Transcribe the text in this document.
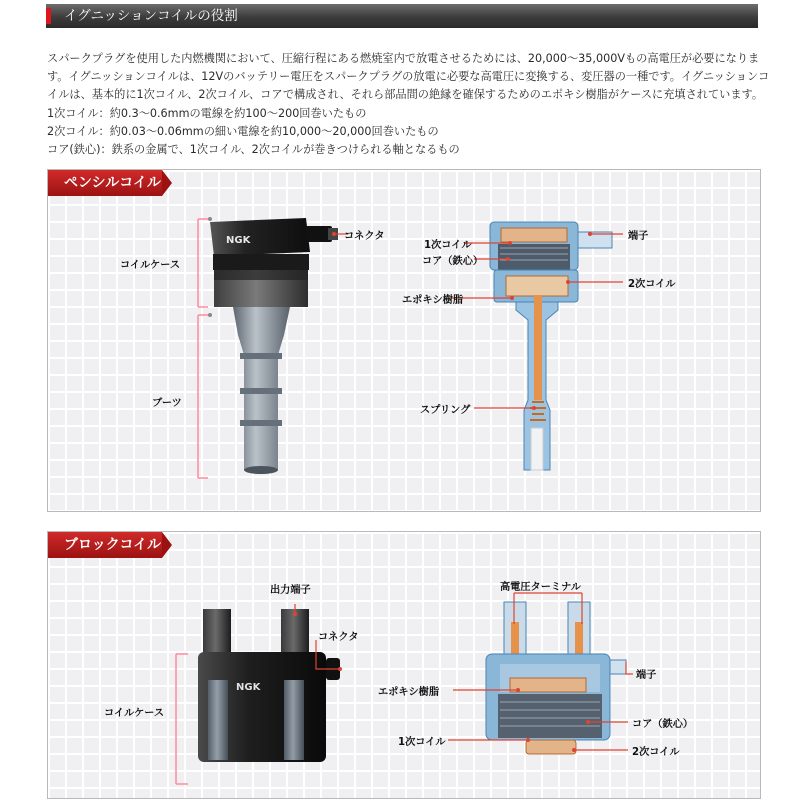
イグニッションコイルの役割
スパークプラグを使用した内燃機関において、圧縮行程にある燃焼室内で放電させるためには、20,000～35,000Vもの高電圧が必要になりま
す。イグニッションコイルは、12Vのバッテリー電圧をスパークプラグの放電に必要な高電圧に変換する、変圧器の一種です。イグニッションコ
イルは、基本的に1次コイル、2次コイル、コアで構成され、それら部品間の絶縁を確保するためのエポキシ樹脂がケースに充填されています。
1次コイル：約0.3～0.6mmの電線を約100～200回巻いたもの
2次コイル：約0.03～0.06mmの細い電線を約10,000～20,000回巻いたもの
コア(鉄心)：鉄系の金属で、1次コイル、2次コイルが巻きつけられる軸となるもの
ペンシルコイル
NGK	コネクタ
コイルケース
ブーツ
1次コイル
コア（鉄心）
エポキシ樹脂
スプリング
端子
2次コイル
ブロックコイル
NGK
出力端子
コネクタ
コイルケース
高電圧ターミナル
端子
エポキシ樹脂
コア（鉄心）
1次コイル
2次コイル
